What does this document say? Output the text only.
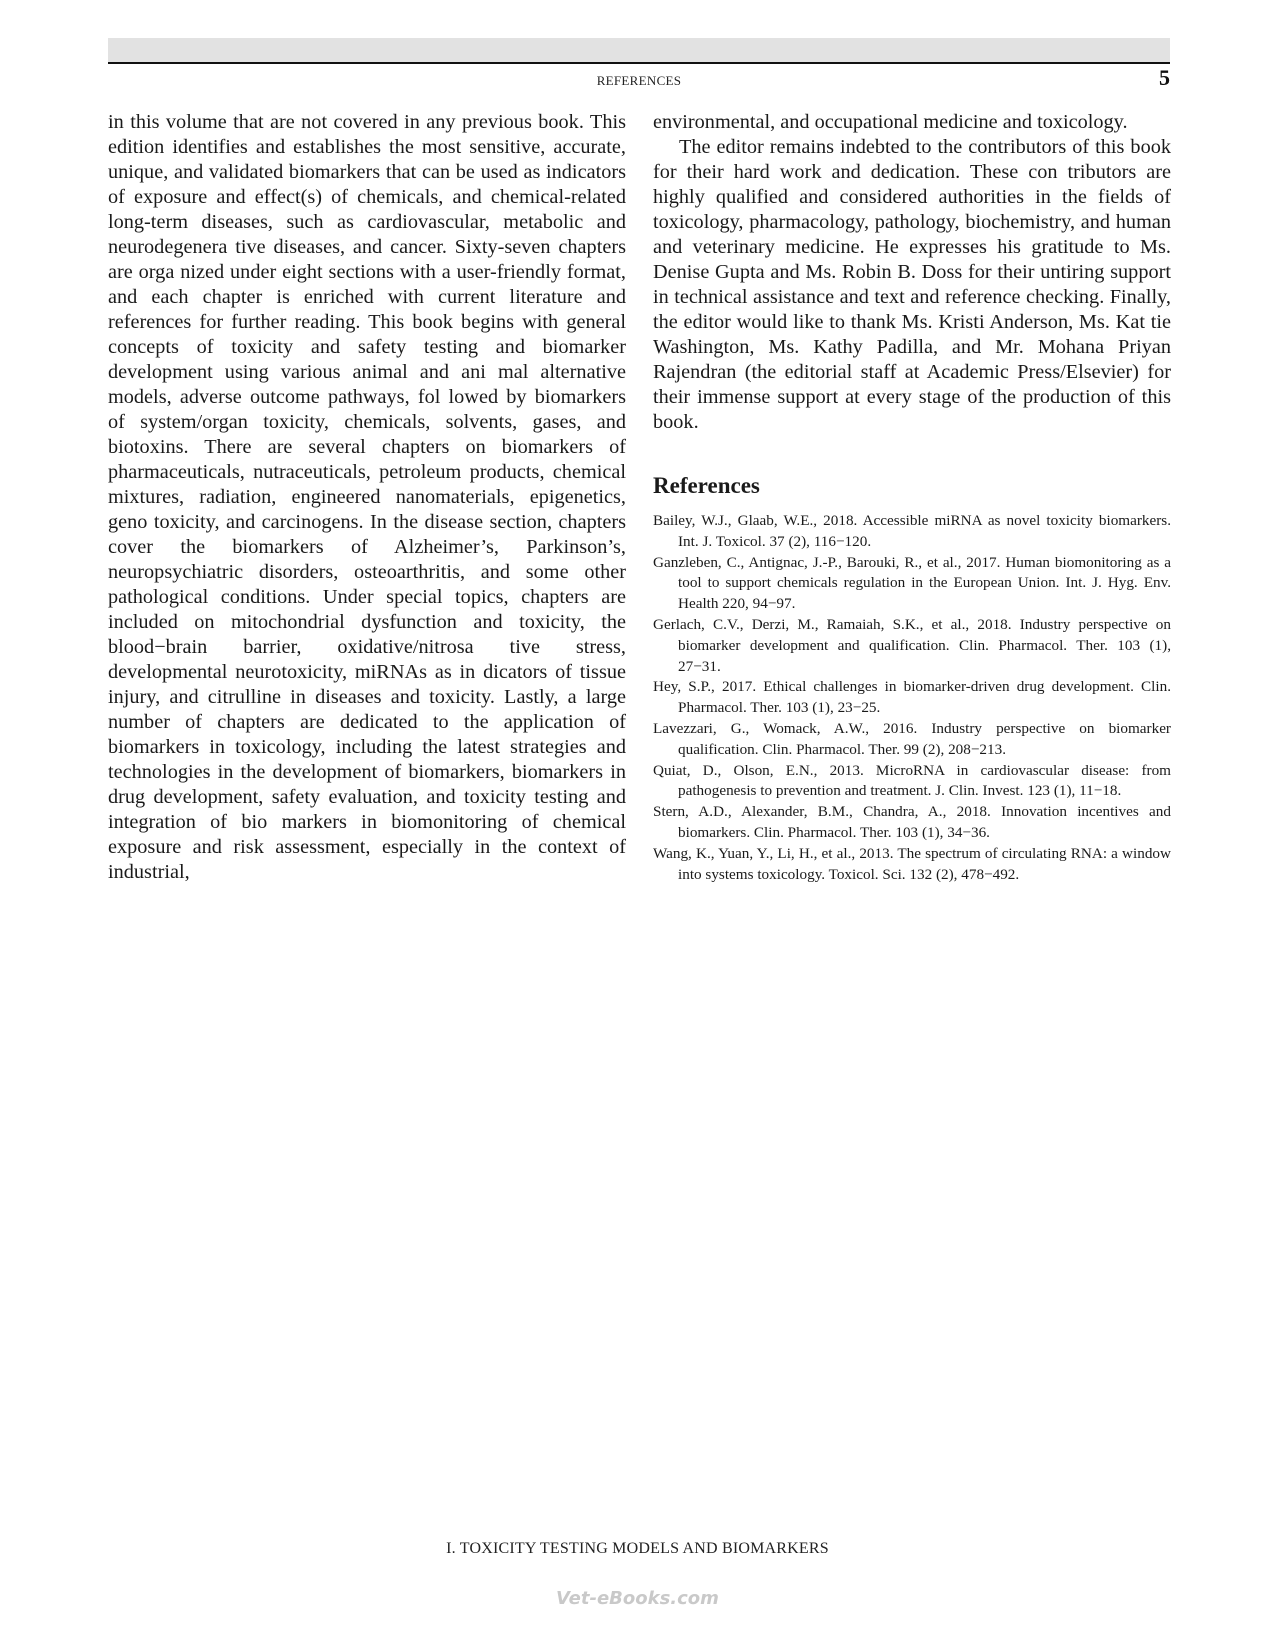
REFERENCES	5

in this volume that are not covered in any previous book. This edition identifies and establishes the most sensitive, accurate, unique, and validated biomarkers that can be used as indicators of exposure and effect(s) of chemicals, and chemical-related long-term diseases, such as cardiovascular, metabolic and neurodegenera tive diseases, and cancer. Sixty-seven chapters are orga nized under eight sections with a user-friendly format, and each chapter is enriched with current literature and references for further reading. This book begins with general concepts of toxicity and safety testing and biomarker development using various animal and ani mal alternative models, adverse outcome pathways, fol lowed by biomarkers of system/organ toxicity, chemicals, solvents, gases, and biotoxins. There are several chapters on biomarkers of pharmaceuticals, nutraceuticals, petroleum products, chemical mixtures, radiation, engineered nanomaterials, epigenetics, geno toxicity, and carcinogens. In the disease section, chapters cover the biomarkers of Alzheimer’s, Parkinson’s, neuropsychiatric disorders, osteoarthritis, and some other pathological conditions. Under special topics, chapters are included on mitochondrial dysfunction and toxicity, the blood−brain barrier, oxidative/nitrosa tive stress, developmental neurotoxicity, miRNAs as in dicators of tissue injury, and citrulline in diseases and toxicity. Lastly, a large number of chapters are dedicated to the application of biomarkers in toxicology, including the latest strategies and technologies in the development of biomarkers, biomarkers in drug development, safety evaluation, and toxicity testing and integration of bio markers in biomonitoring of chemical exposure and risk assessment, especially in the context of industrial,

environmental, and occupational medicine and toxicology.

The editor remains indebted to the contributors of this book for their hard work and dedication. These con tributors are highly qualified and considered authorities in the fields of toxicology, pharmacology, pathology, biochemistry, and human and veterinary medicine. He expresses his gratitude to Ms. Denise Gupta and Ms. Robin B. Doss for their untiring support in technical assistance and text and reference checking. Finally, the editor would like to thank Ms. Kristi Anderson, Ms. Kat tie Washington, Ms. Kathy Padilla, and Mr. Mohana Priyan Rajendran (the editorial staff at Academic Press/Elsevier) for their immense support at every stage of the production of this book.

References
Bailey, W.J., Glaab, W.E., 2018. Accessible miRNA as novel toxicity biomarkers. Int. J. Toxicol. 37 (2), 116−120.
Ganzleben, C., Antignac, J.-P., Barouki, R., et al., 2017. Human biomonitoring as a tool to support chemicals regulation in the European Union. Int. J. Hyg. Env. Health 220, 94−97.
Gerlach, C.V., Derzi, M., Ramaiah, S.K., et al., 2018. Industry perspective on biomarker development and qualification. Clin. Pharmacol. Ther. 103 (1), 27−31.
Hey, S.P., 2017. Ethical challenges in biomarker-driven drug development. Clin. Pharmacol. Ther. 103 (1), 23−25.
Lavezzari, G., Womack, A.W., 2016. Industry perspective on biomarker qualification. Clin. Pharmacol. Ther. 99 (2), 208−213.
Quiat, D., Olson, E.N., 2013. MicroRNA in cardiovascular disease: from pathogenesis to prevention and treatment. J. Clin. Invest. 123 (1), 11−18.
Stern, A.D., Alexander, B.M., Chandra, A., 2018. Innovation incentives and biomarkers. Clin. Pharmacol. Ther. 103 (1), 34−36.
Wang, K., Yuan, Y., Li, H., et al., 2013. The spectrum of circulating RNA: a window into systems toxicology. Toxicol. Sci. 132 (2), 478−492.
I. TOXICITY TESTING MODELS AND BIOMARKERS
Vet-eBooks.com
